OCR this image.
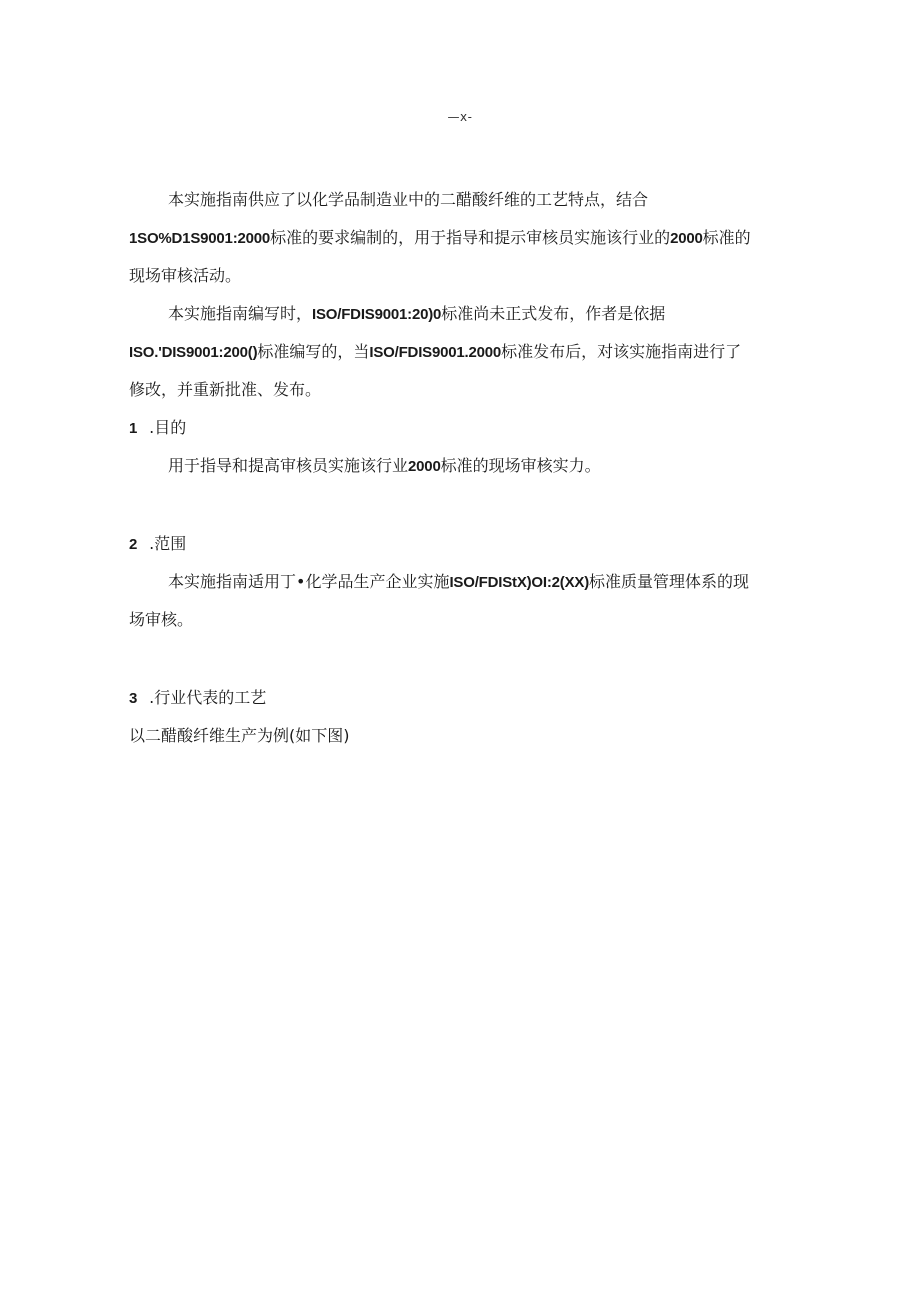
—x-
本实施指南供应了以化学品制造业中的二醋酸纤维的工艺特点，结合
1SO%D1S9001:2000标准的要求编制的，用于指导和提示审核员实施该行业的2000标准的
现场审核活动。
本实施指南编写时，ISO/FDIS9001:20)0标准尚未正式发布，作者是依据
ISO.'DIS9001:200()标准编写的，当ISO/FDIS9001.2000标准发布后，对该实施指南进行了
修改，并重新批准、发布。
1 .目的
用于指导和提高审核员实施该行业2000标准的现场审核实力。
2 .范围
本实施指南适用丁•化学品生产企业实施ISO/FDIStX)OI:2(XX)标准质量管理体系的现
场审核。
3 .行业代表的工艺
以二醋酸纤维生产为例(如下图)
